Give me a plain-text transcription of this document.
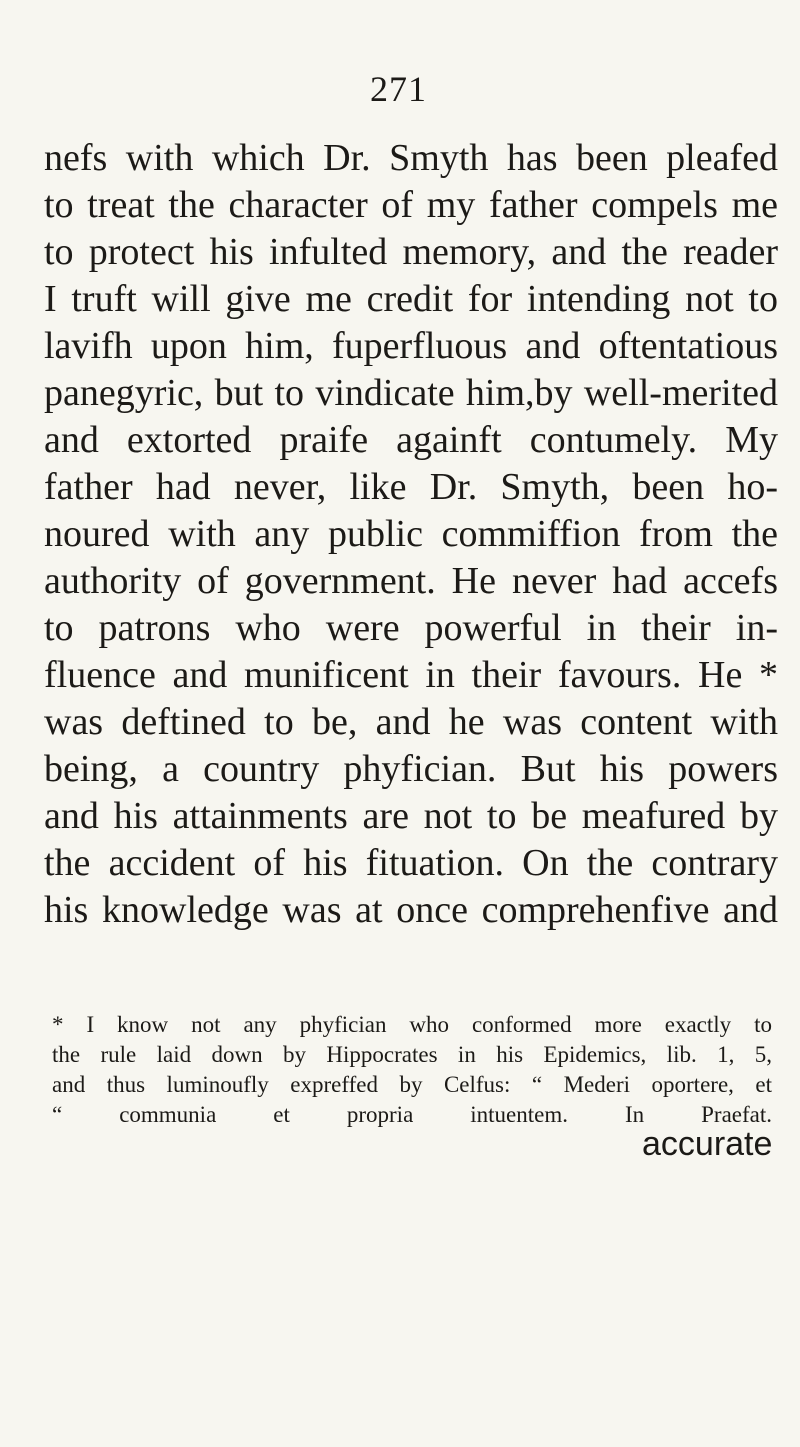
271
nefs with which Dr. Smyth has been pleafed
to treat the character of my father compels me
to protect his infulted memory, and the reader
I truft will give me credit for intending not to
lavifh upon him, fuperfluous and oftentatious
panegyric, but to vindicate him,by well-merited
and extorted praife againft contumely. My
father had never, like Dr. Smyth, been ho-
noured with any public commiffion from the
authority of government. He never had accefs
to patrons who were powerful in their in-
fluence and munificent in their favours. He *
was deftined to be, and he was content with
being, a country phyfician. But his powers
and his attainments are not to be meafured by
the accident of his fituation. On the contrary
his knowledge was at once comprehenfive and
* I know not any phyfician who conformed more exactly to
the rule laid down by Hippocrates in his Epidemics, lib. 1, 5,
and thus luminoufly expreffed by Celfus: “ Mederi oportere, et
“ communia et propria intuentem. In Praefat.
accurate
